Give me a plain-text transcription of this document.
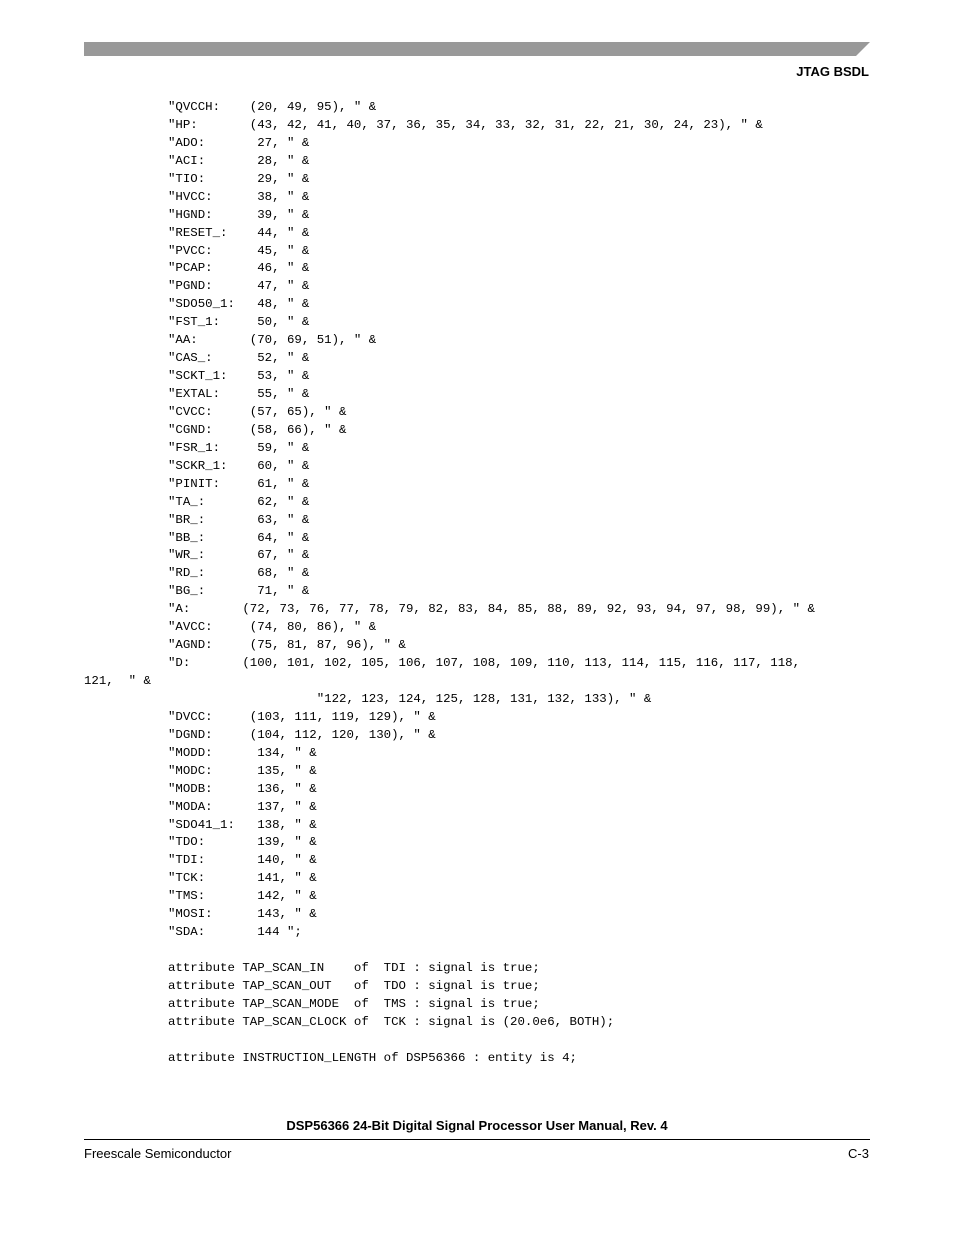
JTAG BSDL
"QVCCH:    (20, 49, 95), " &
"HP:       (43, 42, 41, 40, 37, 36, 35, 34, 33, 32, 31, 22, 21, 30, 24, 23), " &
"ADO:       27, " &
"ACI:       28, " &
"TIO:       29, " &
"HVCC:      38, " &
"HGND:      39, " &
"RESET_:    44, " &
"PVCC:      45, " &
"PCAP:      46, " &
"PGND:      47, " &
"SDO50_1:   48, " &
"FST_1:     50, " &
"AA:       (70, 69, 51), " &
"CAS_:      52, " &
"SCKT_1:    53, " &
"EXTAL:     55, " &
"CVCC:     (57, 65), " &
"CGND:     (58, 66), " &
"FSR_1:     59, " &
"SCKR_1:    60, " &
"PINIT:     61, " &
"TA_:       62, " &
"BR_:       63, " &
"BB_:       64, " &
"WR_:       67, " &
"RD_:       68, " &
"BG_:       71, " &
"A:       (72, 73, 76, 77, 78, 79, 82, 83, 84, 85, 88, 89, 92, 93, 94, 97, 98, 99), " &
"AVCC:     (74, 80, 86), " &
"AGND:     (75, 81, 87, 96), " &
"D:       (100, 101, 102, 105, 106, 107, 108, 109, 110, 113, 114, 115, 116, 117, 118,
121,  " &
"122, 123, 124, 125, 128, 131, 132, 133), " &
"DVCC:     (103, 111, 119, 129), " &
"DGND:     (104, 112, 120, 130), " &
"MODD:      134, " &
"MODC:      135, " &
"MODB:      136, " &
"MODA:      137, " &
"SDO41_1:   138, " &
"TDO:       139, " &
"TDI:       140, " &
"TCK:       141, " &
"TMS:       142, " &
"MOSI:      143, " &
"SDA:       144 ";
attribute TAP_SCAN_IN    of  TDI : signal is true;
attribute TAP_SCAN_OUT   of  TDO : signal is true;
attribute TAP_SCAN_MODE  of  TMS : signal is true;
attribute TAP_SCAN_CLOCK of  TCK : signal is (20.0e6, BOTH);
attribute INSTRUCTION_LENGTH of DSP56366 : entity is 4;
DSP56366 24-Bit Digital Signal Processor User Manual, Rev. 4
Freescale Semiconductor	C-3
